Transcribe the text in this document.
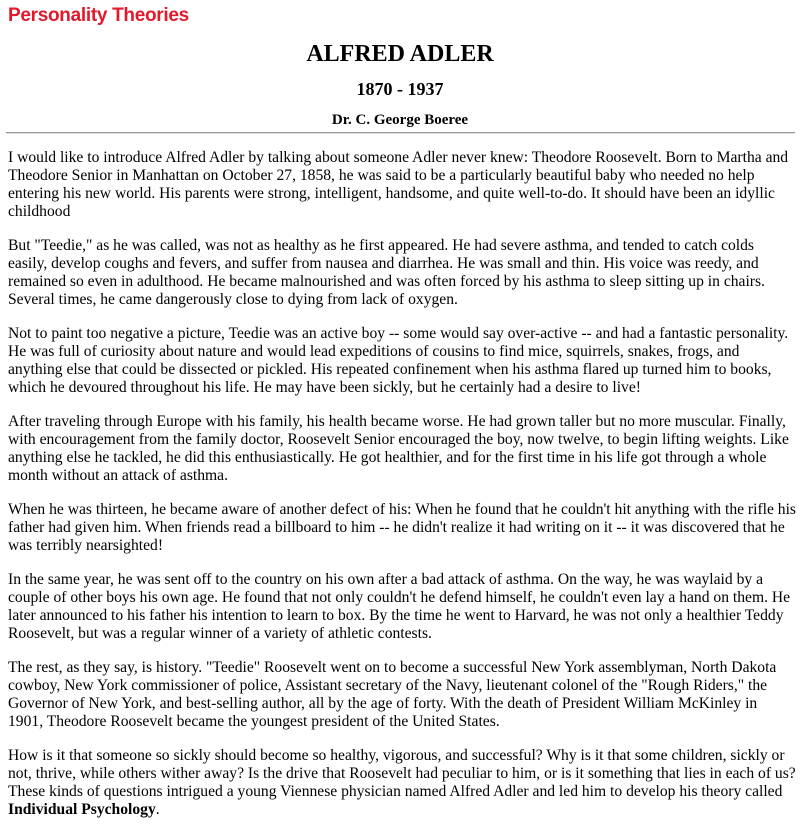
Personality Theories
ALFRED ADLER
1870 - 1937
Dr. C. George Boeree

I would like to introduce Alfred Adler by talking about someone Adler never knew: Theodore Roosevelt. Born to Martha and Theodore Senior in Manhattan on October 27, 1858, he was said to be a particularly beautiful baby who needed no help entering his new world. His parents were strong, intelligent, handsome, and quite well-to-do. It should have been an idyllic childhood

But "Teedie," as he was called, was not as healthy as he first appeared. He had severe asthma, and tended to catch colds easily, develop coughs and fevers, and suffer from nausea and diarrhea. He was small and thin. His voice was reedy, and remained so even in adulthood. He became malnourished and was often forced by his asthma to sleep sitting up in chairs. Several times, he came dangerously close to dying from lack of oxygen.

Not to paint too negative a picture, Teedie was an active boy -- some would say over-active -- and had a fantastic personality. He was full of curiosity about nature and would lead expeditions of cousins to find mice, squirrels, snakes, frogs, and anything else that could be dissected or pickled. His repeated confinement when his asthma flared up turned him to books, which he devoured throughout his life. He may have been sickly, but he certainly had a desire to live!

After traveling through Europe with his family, his health became worse. He had grown taller but no more muscular. Finally, with encouragement from the family doctor, Roosevelt Senior encouraged the boy, now twelve, to begin lifting weights. Like anything else he tackled, he did this enthusiastically. He got healthier, and for the first time in his life got through a whole month without an attack of asthma.

When he was thirteen, he became aware of another defect of his: When he found that he couldn't hit anything with the rifle his father had given him. When friends read a billboard to him -- he didn't realize it had writing on it -- it was discovered that he was terribly nearsighted!

In the same year, he was sent off to the country on his own after a bad attack of asthma. On the way, he was waylaid by a couple of other boys his own age. He found that not only couldn't he defend himself, he couldn't even lay a hand on them. He later announced to his father his intention to learn to box. By the time he went to Harvard, he was not only a healthier Teddy Roosevelt, but was a regular winner of a variety of athletic contests.

The rest, as they say, is history. "Teedie" Roosevelt went on to become a successful New York assemblyman, North Dakota cowboy, New York commissioner of police, Assistant secretary of the Navy, lieutenant colonel of the "Rough Riders," the Governor of New York, and best-selling author, all by the age of forty. With the death of President William McKinley in 1901, Theodore Roosevelt became the youngest president of the United States.

How is it that someone so sickly should become so healthy, vigorous, and successful? Why is it that some children, sickly or not, thrive, while others wither away? Is the drive that Roosevelt had peculiar to him, or is it something that lies in each of us? These kinds of questions intrigued a young Viennese physician named Alfred Adler and led him to develop his theory called Individual Psychology.
